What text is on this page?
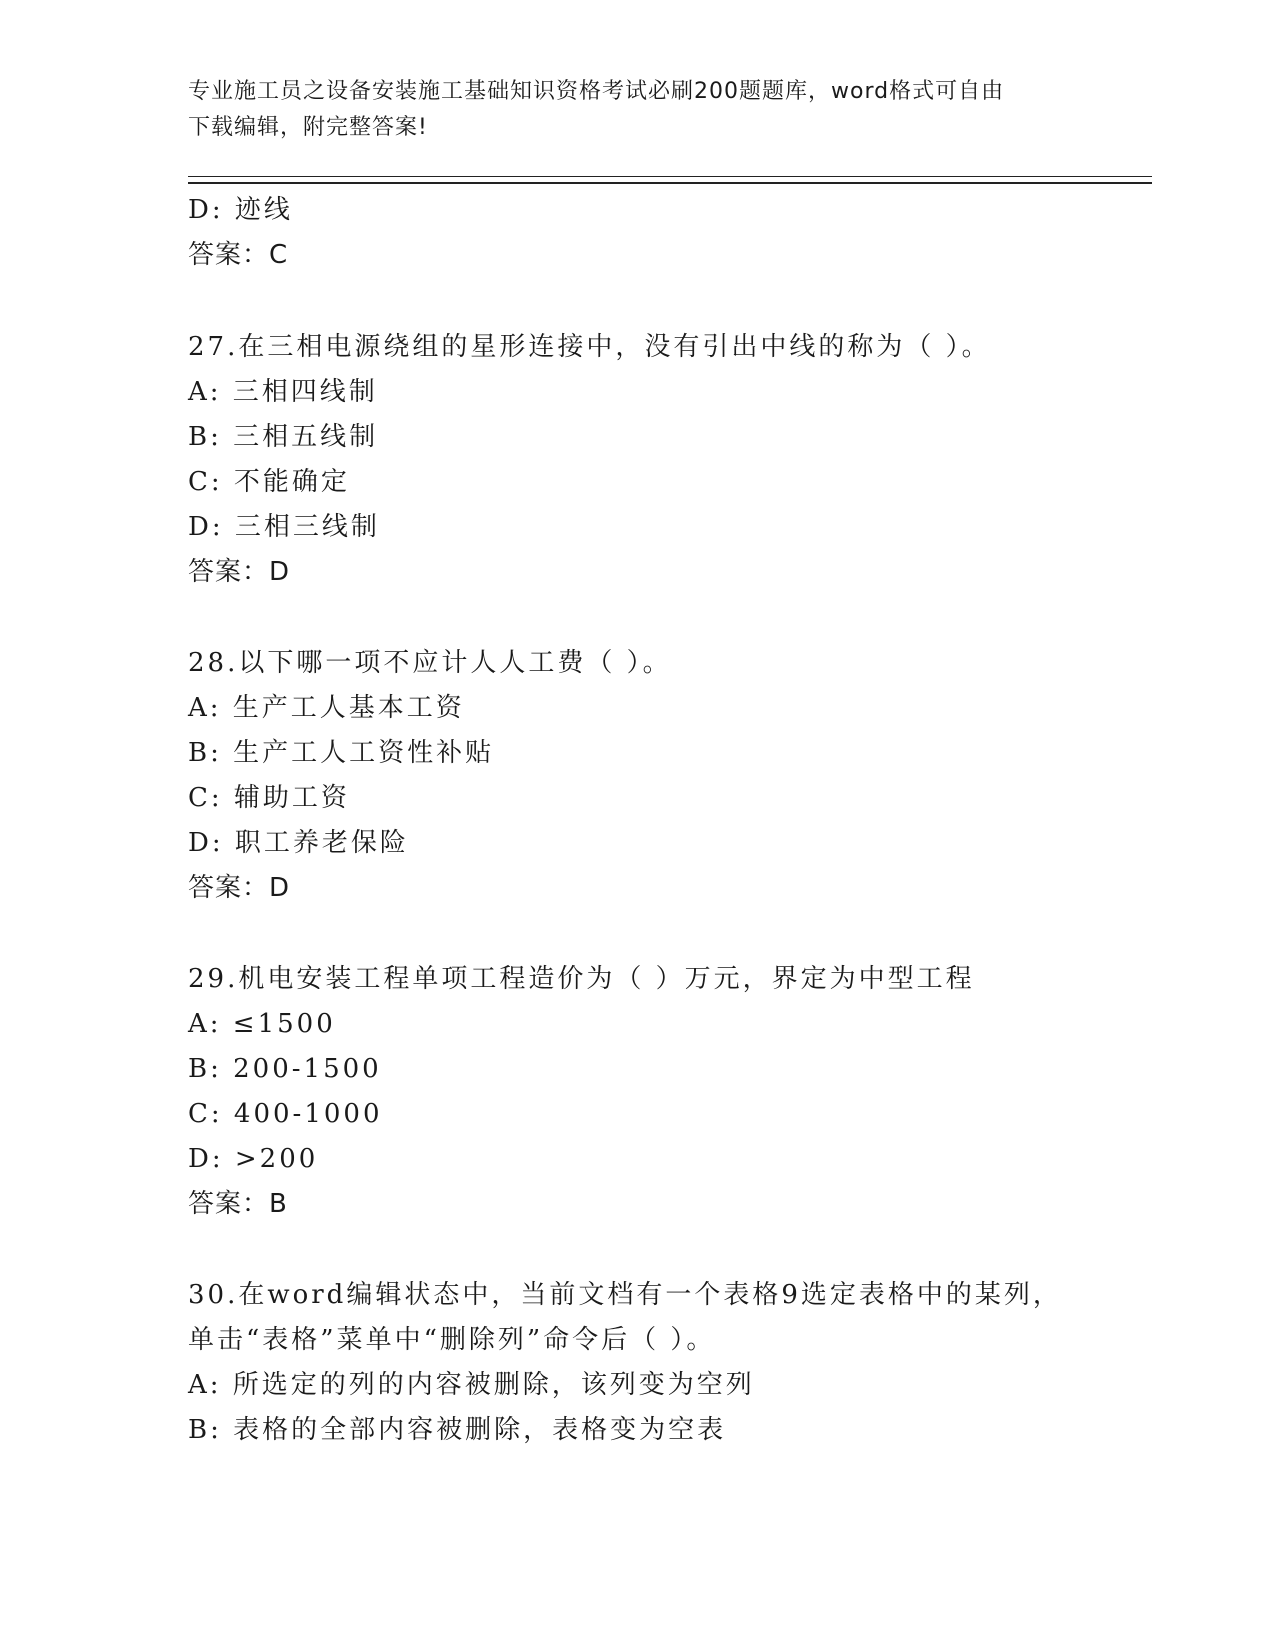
专业施工员之设备安装施工基础知识资格考试必刷200题题库，word格式可自由
下载编辑，附完整答案!
D: 迹线
答案：C
27.在三相电源绕组的星形连接中，没有引出中线的称为（ ）。
A: 三相四线制
B: 三相五线制
C: 不能确定
D: 三相三线制
答案：D
28.以下哪一项不应计人人工费（ ）。
A: 生产工人基本工资
B: 生产工人工资性补贴
C: 辅助工资
D: 职工养老保险
答案：D
29.机电安装工程单项工程造价为（ ）万元，界定为中型工程
A: ≤1500
B: 200-1500
C: 400-1000
D: >200
答案：B
30.在word编辑状态中，当前文档有一个表格9选定表格中的某列，
单击“表格”菜单中“删除列”命令后（ ）。
A: 所选定的列的内容被删除，该列变为空列
B: 表格的全部内容被删除，表格变为空表
